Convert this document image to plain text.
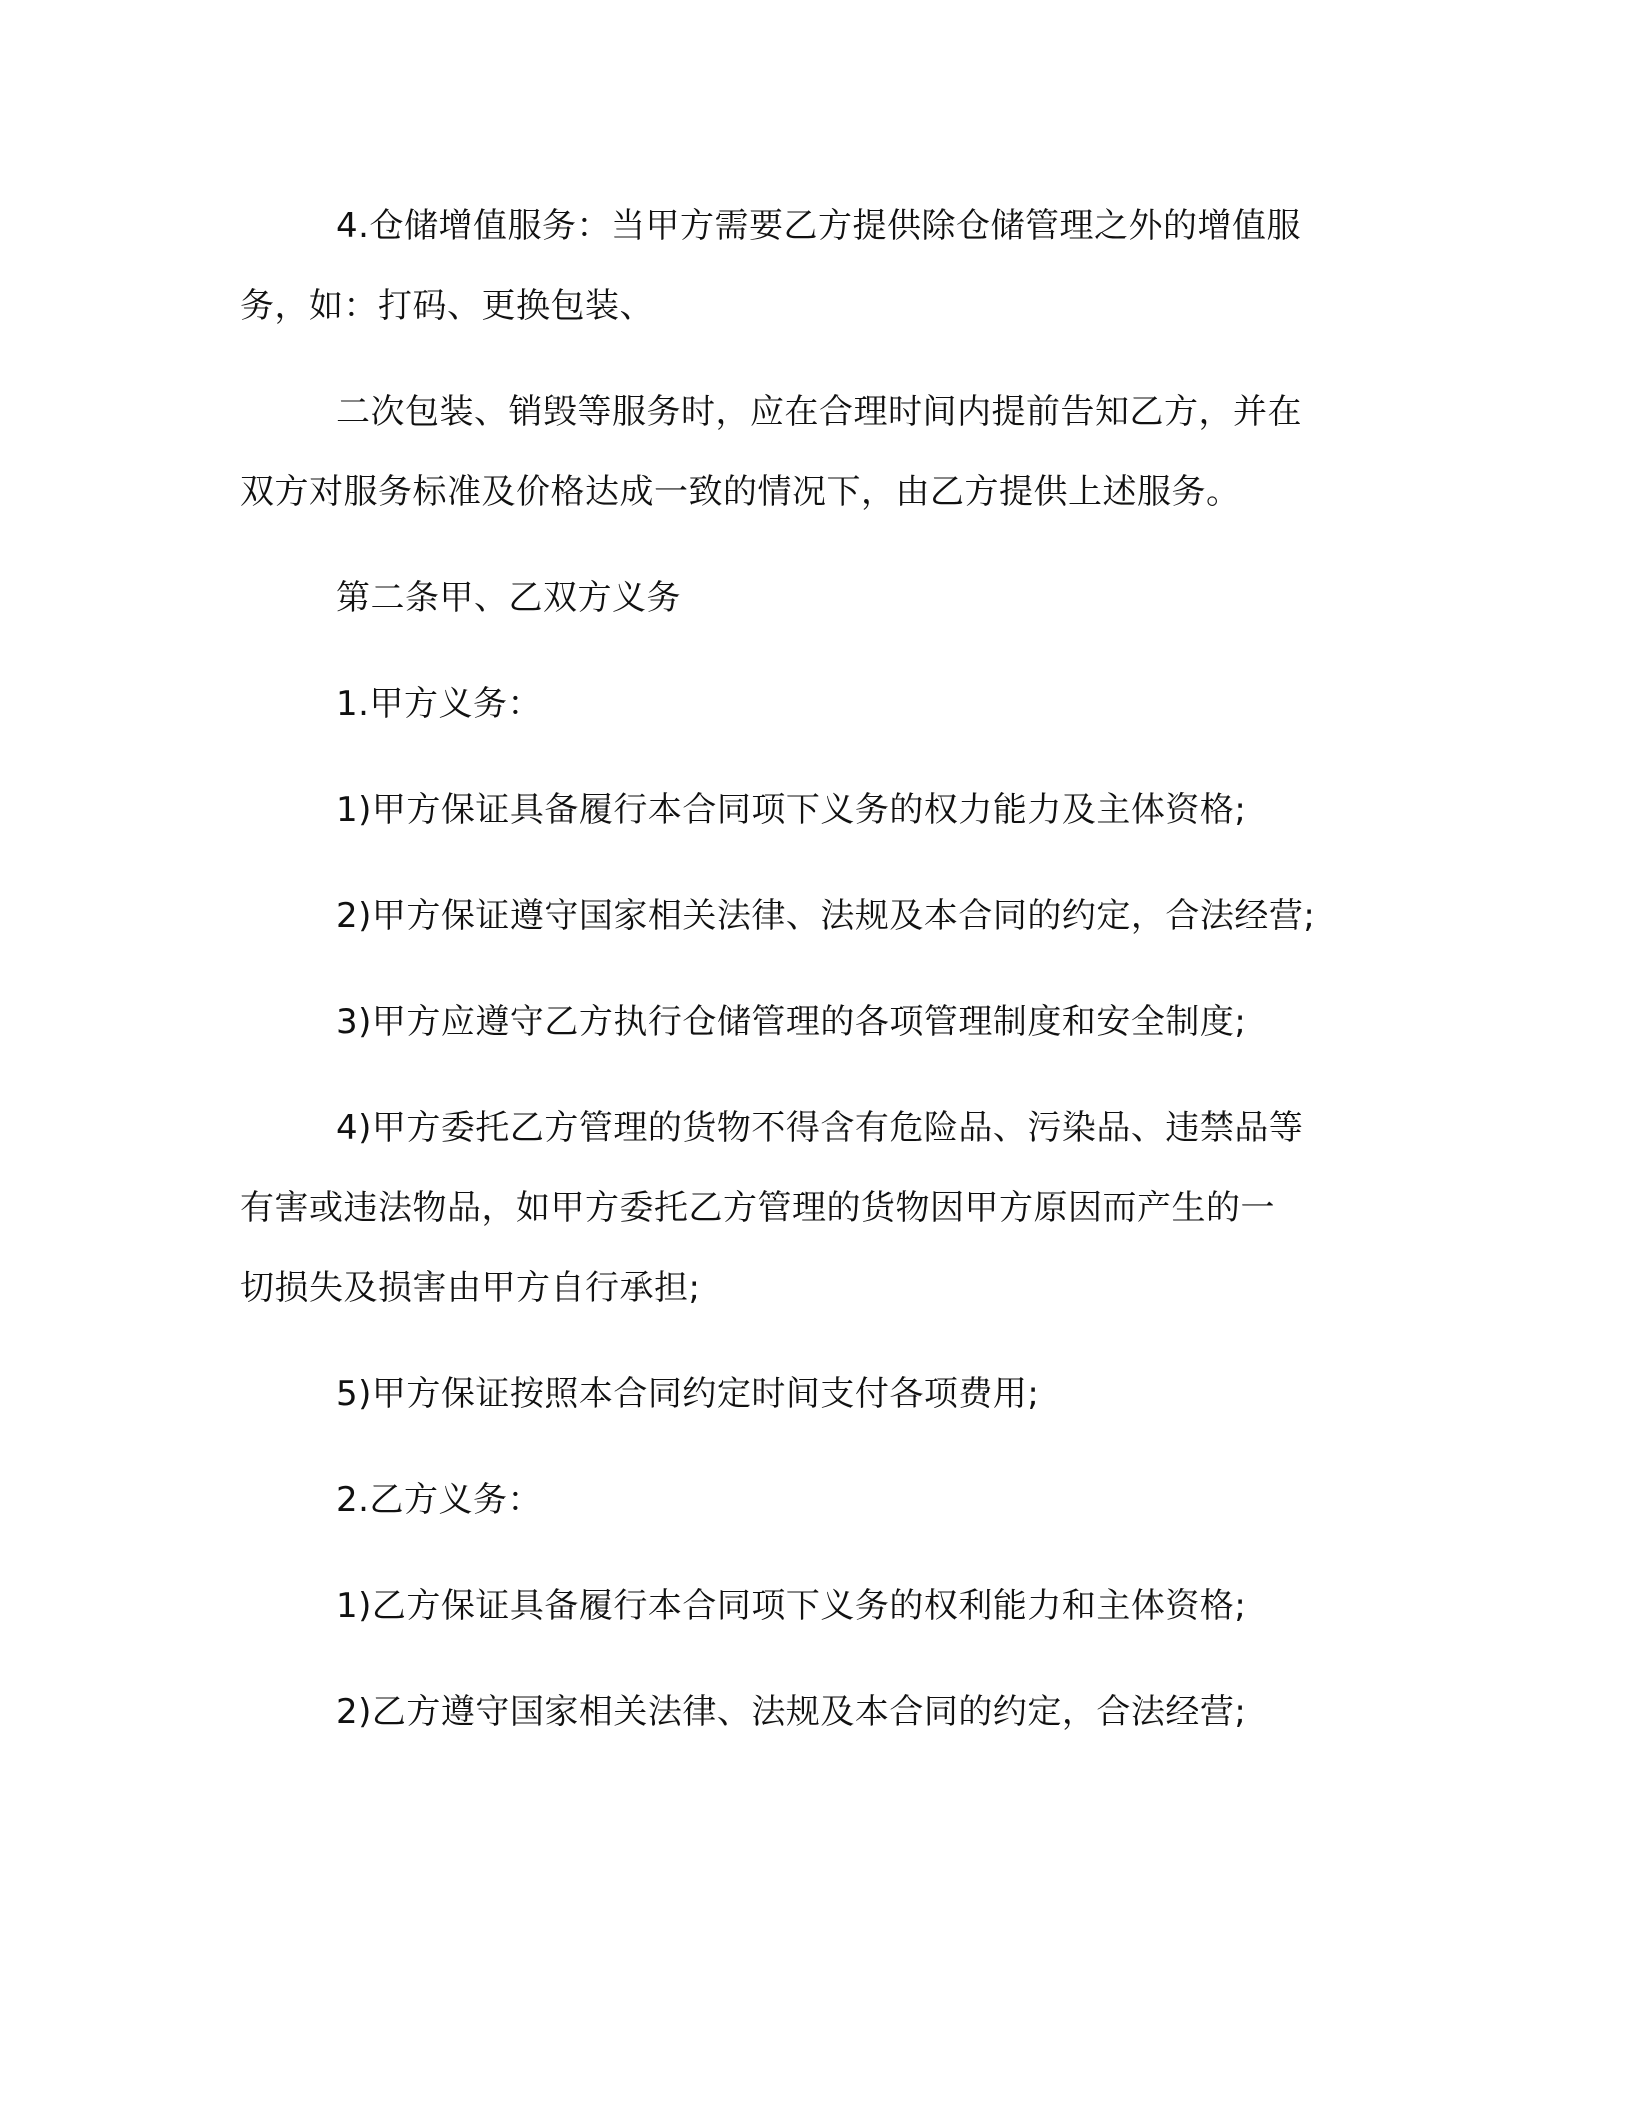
4.仓储增值服务：当甲方需要乙方提供除仓储管理之外的增值服
务，如：打码、更换包装、

二次包装、销毁等服务时，应在合理时间内提前告知乙方，并在
双方对服务标准及价格达成一致的情况下，由乙方提供上述服务。

第二条甲、乙双方义务

1.甲方义务：

1)甲方保证具备履行本合同项下义务的权力能力及主体资格;

2)甲方保证遵守国家相关法律、法规及本合同的约定，合法经营;

3)甲方应遵守乙方执行仓储管理的各项管理制度和安全制度;

4)甲方委托乙方管理的货物不得含有危险品、污染品、违禁品等
有害或违法物品，如甲方委托乙方管理的货物因甲方原因而产生的一
切损失及损害由甲方自行承担;

5)甲方保证按照本合同约定时间支付各项费用;

2.乙方义务：

1)乙方保证具备履行本合同项下义务的权利能力和主体资格;

2)乙方遵守国家相关法律、法规及本合同的约定，合法经营;
